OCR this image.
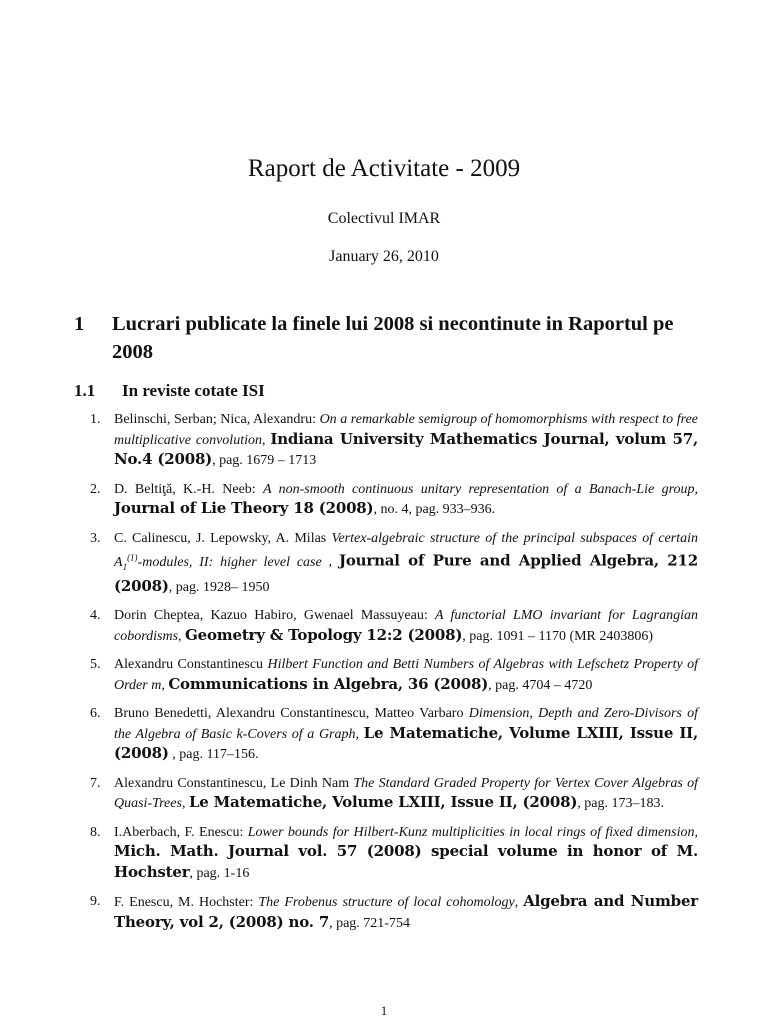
Raport de Activitate - 2009
Colectivul IMAR
January 26, 2010
1 Lucrari publicate la finele lui 2008 si necontinute in Raportul pe 2008
1.1 In reviste cotate ISI
1. Belinschi, Serban; Nica, Alexandru: On a remarkable semigroup of homomorphisms with respect to free multiplicative convolution, Indiana University Mathematics Journal, volum 57, No.4 (2008), pag. 1679 – 1713
2. D. Beltiţă, K.-H. Neeb: A non-smooth continuous unitary representation of a Banach-Lie group, Journal of Lie Theory 18 (2008), no. 4, pag. 933–936.
3. C. Calinescu, J. Lepowsky, A. Milas Vertex-algebraic structure of the principal subspaces of certain $A_1^{(1)}$-modules, II: higher level case , Journal of Pure and Applied Algebra, 212 (2008), pag. 1928– 1950
4. Dorin Cheptea, Kazuo Habiro, Gwenael Massuyeau: A functorial LMO invariant for Lagrangian cobordisms, Geometry & Topology 12:2 (2008), pag. 1091 – 1170 (MR 2403806)
5. Alexandru Constantinescu Hilbert Function and Betti Numbers of Algebras with Lefschetz Property of Order m, Communications in Algebra, 36 (2008), pag. 4704 – 4720
6. Bruno Benedetti, Alexandru Constantinescu, Matteo Varbaro Dimension, Depth and Zero-Divisors of the Algebra of Basic k-Covers of a Graph, Le Matematiche, Volume LXIII, Issue II, (2008) , pag. 117–156.
7. Alexandru Constantinescu, Le Dinh Nam The Standard Graded Property for Vertex Cover Algebras of Quasi-Trees, Le Matematiche, Volume LXIII, Issue II, (2008), pag. 173–183.
8. I.Aberbach, F. Enescu: Lower bounds for Hilbert-Kunz multiplicities in local rings of fixed dimension, Mich. Math. Journal vol. 57 (2008) special volume in honor of M. Hochster, pag. 1-16
9. F. Enescu, M. Hochster: The Frobenus structure of local cohomology, Algebra and Number Theory, vol 2, (2008) no. 7, pag. 721-754
1
